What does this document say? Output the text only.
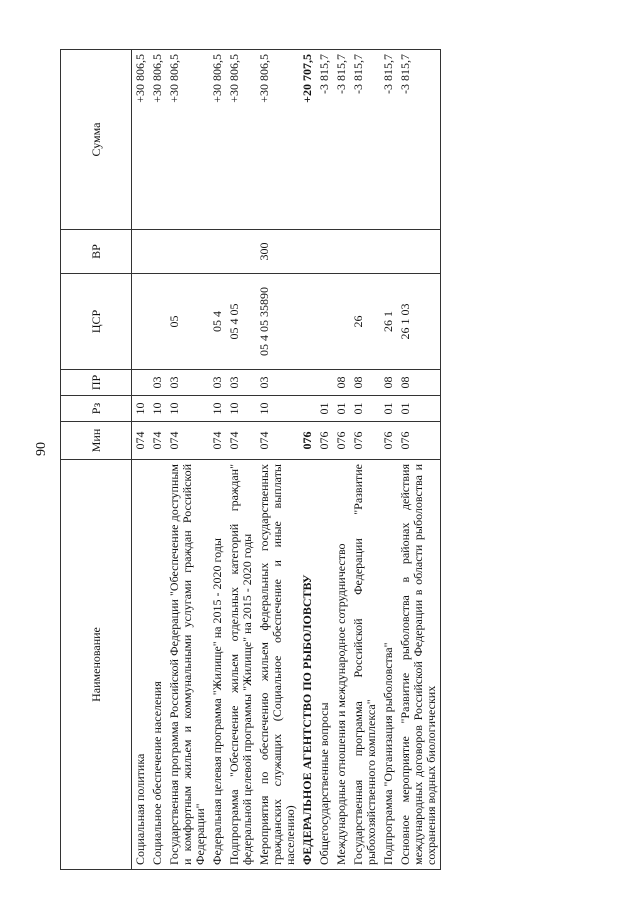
90
Наименование	Мин	Рз	ПР	ЦСР	ВР	Сумма
Социальная политика	074	10				+30 806,5
Социальное обеспечение населения	074	10	03			+30 806,5
Государственная программа Российской Федерации "Обеспечение доступным и комфортным жильем и коммунальными услугами граждан Российской Федерации"	074	10	03	05		+30 806,5
Федеральная целевая программа "Жилище" на 2015 - 2020 годы	074	10	03	05 4		+30 806,5
Подпрограмма "Обеспечение жильем отдельных категорий граждан" федеральной целевой программы "Жилище" на 2015 - 2020 годы	074	10	03	05 4 05		+30 806,5
Мероприятия по обеспечению жильем федеральных государственных гражданских служащих (Социальное обеспечение и иные выплаты населению)	074	10	03	05 4 05 35890	300	+30 806,5
ФЕДЕРАЛЬНОЕ АГЕНТСТВО ПО РЫБОЛОВСТВУ	076					+20 707,5
Общегосударственные вопросы	076	01				-3 815,7
Международные отношения и международное сотрудничество	076	01	08			-3 815,7
Государственная программа Российской Федерации "Развитие рыбохозяйственного комплекса"	076	01	08	26		-3 815,7
Подпрограмма "Организация рыболовства"	076	01	08	26 1		-3 815,7
Основное мероприятие "Развитие рыболовства в районах действия международных договоров Российской Федерации в области рыболовства и сохранения водных биологических	076	01	08	26 1 03		-3 815,7
